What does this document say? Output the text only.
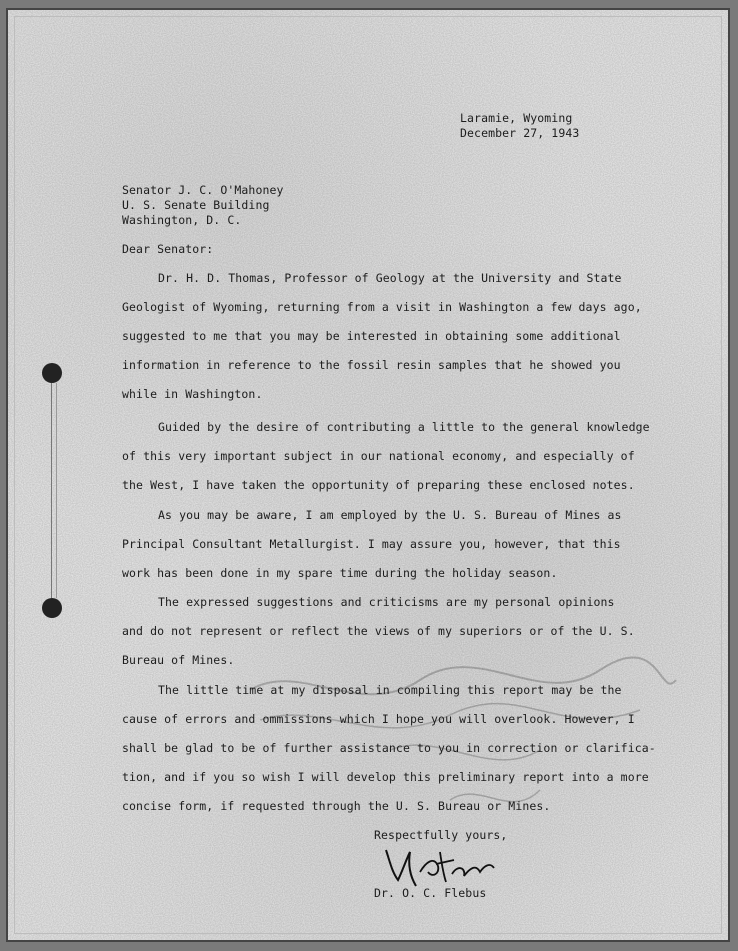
Laramie, Wyoming
December 27, 1943
Senator J. C. O'Mahoney
U. S. Senate Building
Washington, D. C.
Dear Senator:
Dr. H. D. Thomas, Professor of Geology at the University and State
Geologist of Wyoming, returning from a visit in Washington a few days ago,
suggested to me that you may be interested in obtaining some additional
information in reference to the fossil resin samples that he showed you
while in Washington.
Guided by the desire of contributing a little to the general knowledge
of this very important subject in our national economy, and especially of
the West, I have taken the opportunity of preparing these enclosed notes.
As you may be aware, I am employed by the U. S. Bureau of Mines as
Principal Consultant Metallurgist. I may assure you, however, that this
work has been done in my spare time during the holiday season.
The expressed suggestions and criticisms are my personal opinions
and do not represent or reflect the views of my superiors or of the U. S.
Bureau of Mines.
The little time at my disposal in compiling this report may be the
cause of errors and ommissions which I hope you will overlook. However, I
shall be glad to be of further assistance to you in correction or clarifica-
tion, and if you so wish I will develop this preliminary report into a more
concise form, if requested through the U. S. Bureau or Mines.
Respectfully yours,
Dr. O. C. Flebus
